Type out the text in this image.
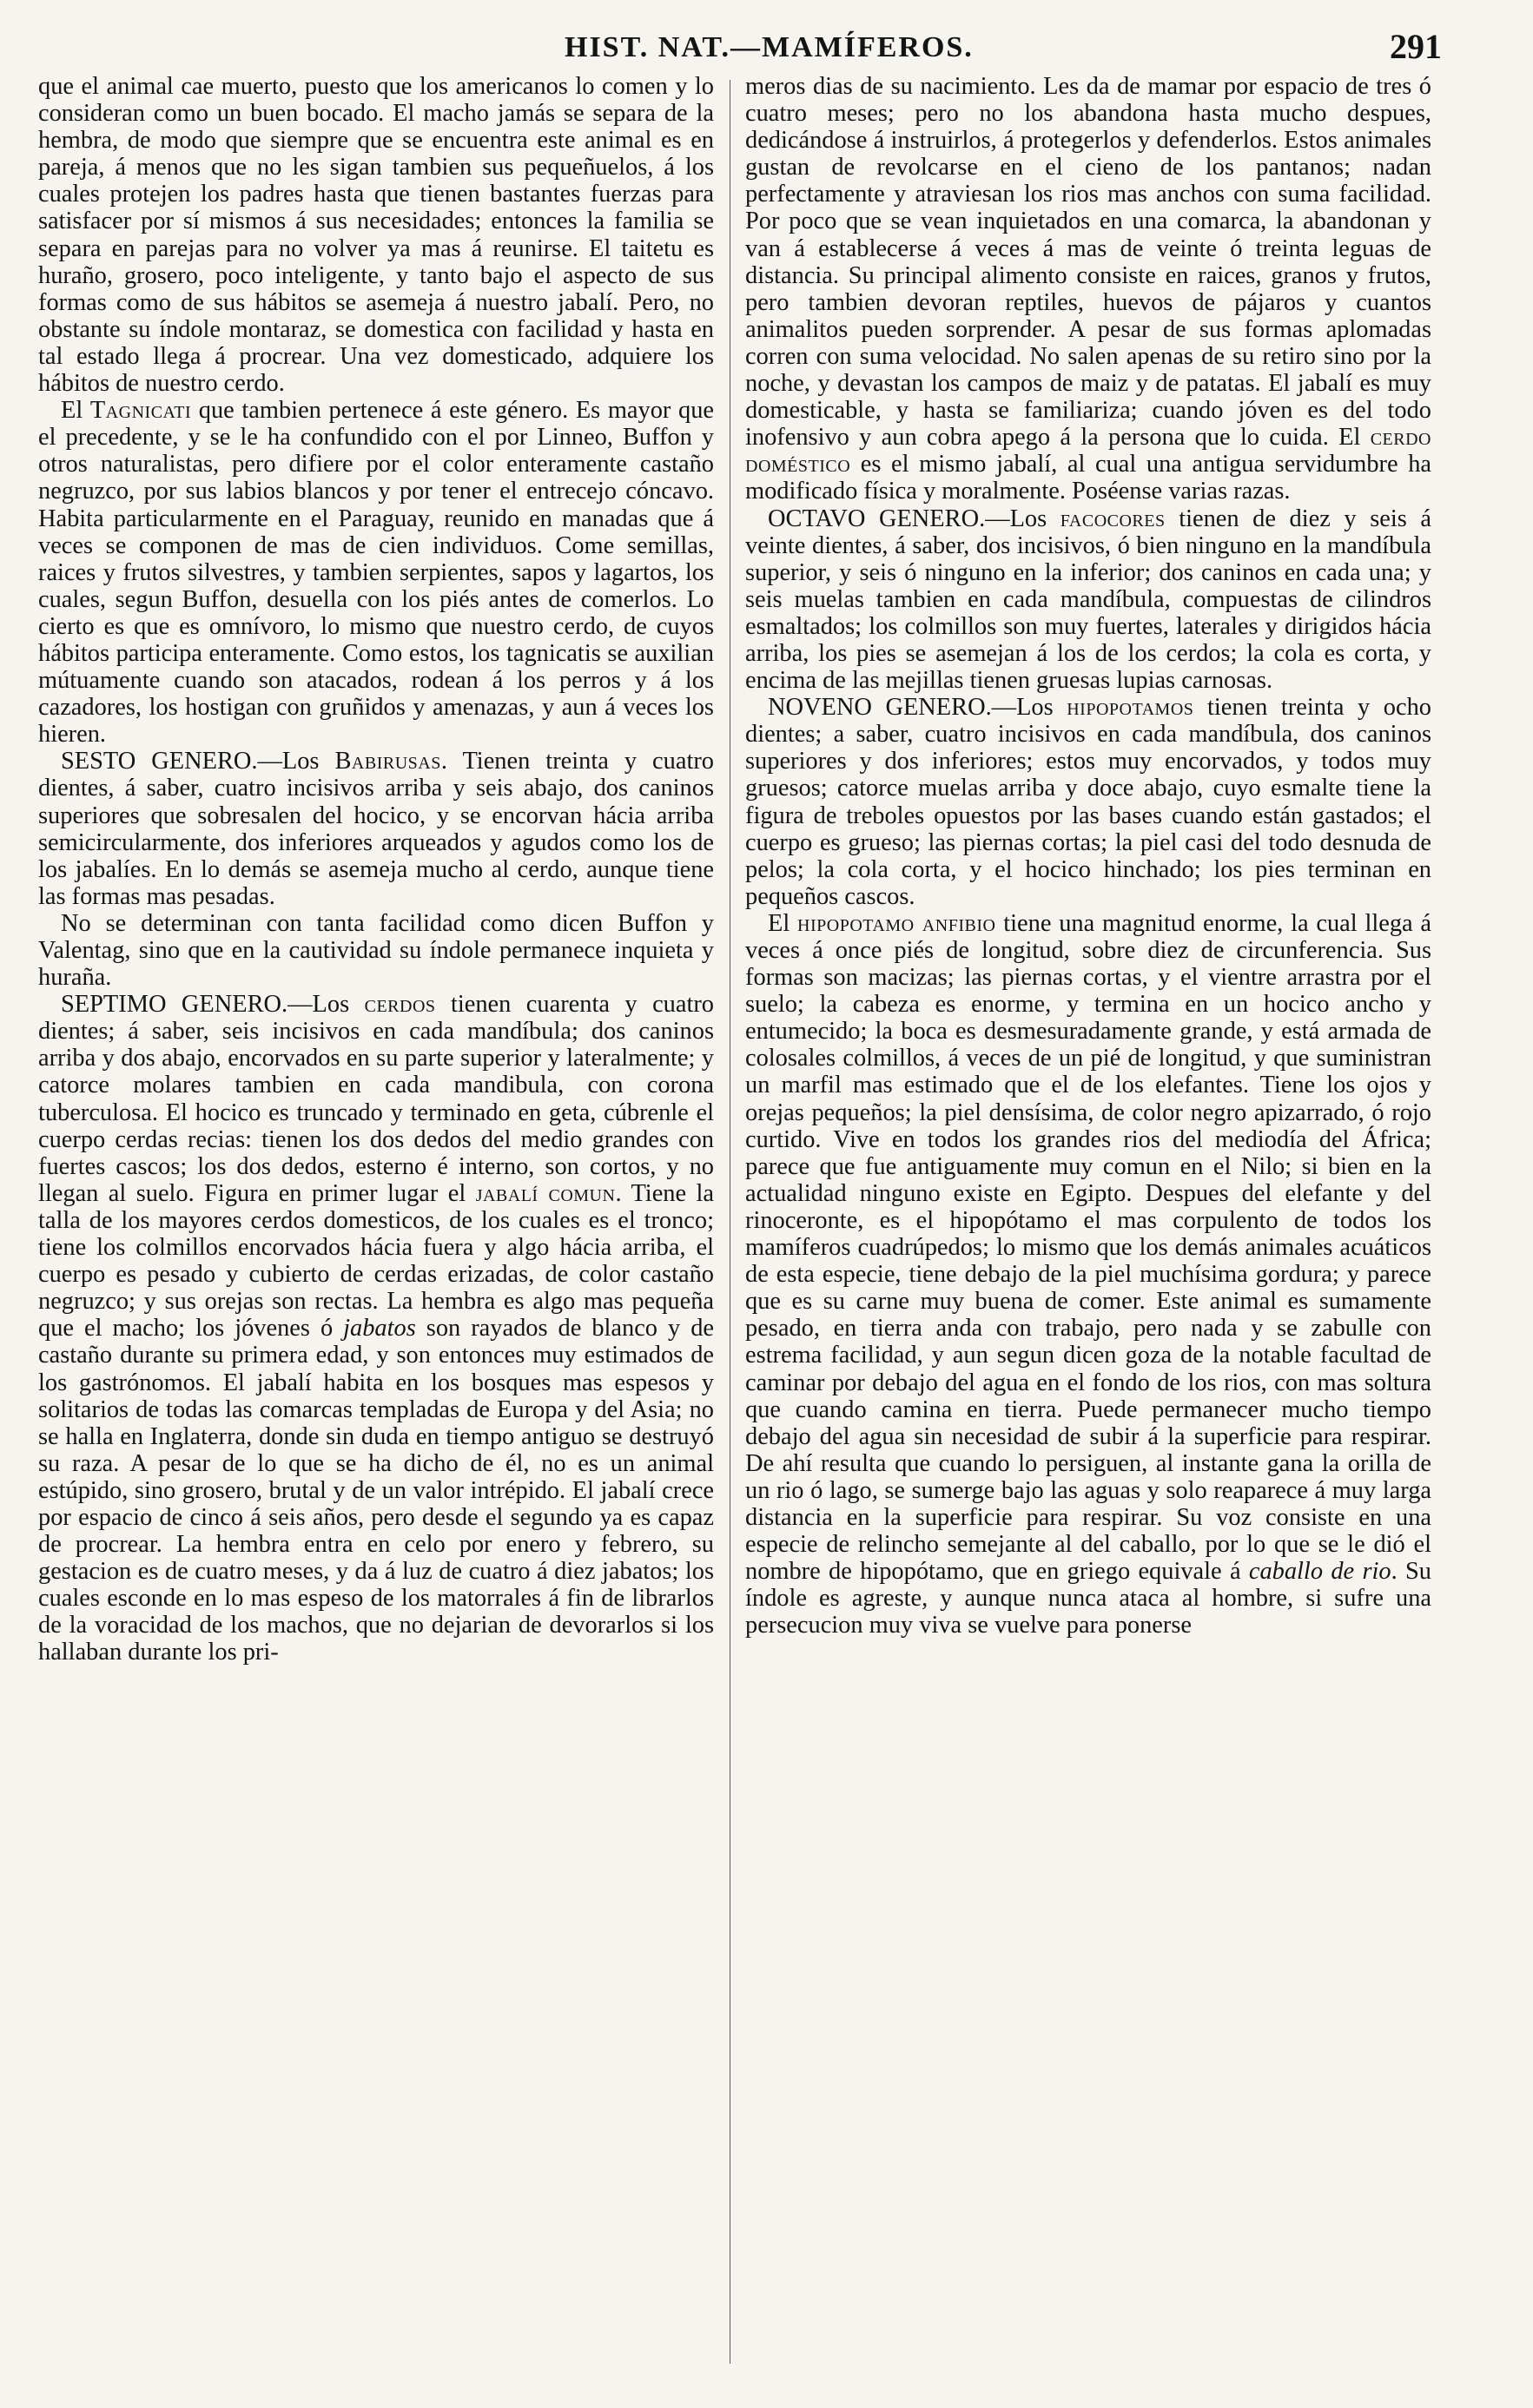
HIST. NAT.—MAMÍFEROS.	291

que el animal cae muerto, puesto que los americanos lo comen y lo consideran como un buen bocado. El macho jamás se separa de la hembra, de modo que siempre que se encuentra este animal es en pareja, á menos que no les sigan tambien sus pequeñuelos, á los cuales protejen los padres hasta que tienen bastantes fuerzas para satisfacer por sí mismos á sus necesidades; entonces la familia se separa en parejas para no volver ya mas á reunirse. El taitetu es huraño, grosero, poco inteligente, y tanto bajo el aspecto de sus formas como de sus hábitos se asemeja á nuestro jabalí. Pero, no obstante su índole montaraz, se domestica con facilidad y hasta en tal estado llega á procrear. Una vez domesticado, adquiere los hábitos de nuestro cerdo.

El Tagnicati que tambien pertenece á este género. Es mayor que el precedente, y se le ha confundido con el por Linneo, Buffon y otros naturalistas, pero difiere por el color enteramente castaño negruzco, por sus labios blancos y por tener el entrecejo cóncavo. Habita particularmente en el Paraguay, reunido en manadas que á veces se componen de mas de cien individuos. Come semillas, raices y frutos silvestres, y tambien serpientes, sapos y lagartos, los cuales, segun Buffon, desuella con los piés antes de comerlos. Lo cierto es que es omnívoro, lo mismo que nuestro cerdo, de cuyos hábitos participa enteramente. Como estos, los tagnicatis se auxilian mútuamente cuando son atacados, rodean á los perros y á los cazadores, los hostigan con gruñidos y amenazas, y aun á veces los hieren.

SESTO GENERO.—Los Babirusas. Tienen treinta y cuatro dientes, á saber, cuatro incisivos arriba y seis abajo, dos caninos superiores que sobresalen del hocico, y se encorvan hácia arriba semicircularmente, dos inferiores arqueados y agudos como los de los jabalíes. En lo demás se asemeja mucho al cerdo, aunque tiene las formas mas pesadas.

No se determinan con tanta facilidad como dicen Buffon y Valentag, sino que en la cautividad su índole permanece inquieta y huraña.

SEPTIMO GENERO.—Los cerdos tienen cuarenta y cuatro dientes; á saber, seis incisivos en cada mandíbula; dos caninos arriba y dos abajo, encorvados en su parte superior y lateralmente; y catorce molares tambien en cada mandibula, con corona tuberculosa. El hocico es truncado y terminado en geta, cúbrenle el cuerpo cerdas recias: tienen los dos dedos del medio grandes con fuertes cascos; los dos dedos, esterno é interno, son cortos, y no llegan al suelo. Figura en primer lugar el jabalí comun. Tiene la talla de los mayores cerdos domesticos, de los cuales es el tronco; tiene los colmillos encorvados hácia fuera y algo hácia arriba, el cuerpo es pesado y cubierto de cerdas erizadas, de color castaño negruzco; y sus orejas son rectas. La hembra es algo mas pequeña que el macho; los jóvenes ó jabatos son rayados de blanco y de castaño durante su primera edad, y son entonces muy estimados de los gastrónomos. El jabalí habita en los bosques mas espesos y solitarios de todas las comarcas templadas de Europa y del Asia; no se halla en Inglaterra, donde sin duda en tiempo antiguo se destruyó su raza. A pesar de lo que se ha dicho de él, no es un animal estúpido, sino grosero, brutal y de un valor intrépido. El jabalí crece por espacio de cinco á seis años, pero desde el segundo ya es capaz de procrear. La hembra entra en celo por enero y febrero, su gestacion es de cuatro meses, y da á luz de cuatro á diez jabatos; los cuales esconde en lo mas espeso de los matorrales á fin de librarlos de la voracidad de los machos, que no dejarian de devorarlos si los hallaban durante los pri-

meros dias de su nacimiento. Les da de mamar por espacio de tres ó cuatro meses; pero no los abandona hasta mucho despues, dedicándose á instruirlos, á protegerlos y defenderlos. Estos animales gustan de revolcarse en el cieno de los pantanos; nadan perfectamente y atraviesan los rios mas anchos con suma facilidad. Por poco que se vean inquietados en una comarca, la abandonan y van á establecerse á veces á mas de veinte ó treinta leguas de distancia. Su principal alimento consiste en raices, granos y frutos, pero tambien devoran reptiles, huevos de pájaros y cuantos animalitos pueden sorprender. A pesar de sus formas aplomadas corren con suma velocidad. No salen apenas de su retiro sino por la noche, y devastan los campos de maiz y de patatas. El jabalí es muy domesticable, y hasta se familiariza; cuando jóven es del todo inofensivo y aun cobra apego á la persona que lo cuida. El cerdo doméstico es el mismo jabalí, al cual una antigua servidumbre ha modificado física y moralmente. Poséense varias razas.

OCTAVO GENERO.—Los facocores tienen de diez y seis á veinte dientes, á saber, dos incisivos, ó bien ninguno en la mandíbula superior, y seis ó ninguno en la inferior; dos caninos en cada una; y seis muelas tambien en cada mandíbula, compuestas de cilindros esmaltados; los colmillos son muy fuertes, laterales y dirigidos hácia arriba, los pies se asemejan á los de los cerdos; la cola es corta, y encima de las mejillas tienen gruesas lupias carnosas.

NOVENO GENERO.—Los hipopotamos tienen treinta y ocho dientes; a saber, cuatro incisivos en cada mandíbula, dos caninos superiores y dos inferiores; estos muy encorvados, y todos muy gruesos; catorce muelas arriba y doce abajo, cuyo esmalte tiene la figura de treboles opuestos por las bases cuando están gastados; el cuerpo es grueso; las piernas cortas; la piel casi del todo desnuda de pelos; la cola corta, y el hocico hinchado; los pies terminan en pequeños cascos.

El hipopotamo anfibio tiene una magnitud enorme, la cual llega á veces á once piés de longitud, sobre diez de circunferencia. Sus formas son macizas; las piernas cortas, y el vientre arrastra por el suelo; la cabeza es enorme, y termina en un hocico ancho y entumecido; la boca es desmesuradamente grande, y está armada de colosales colmillos, á veces de un pié de longitud, y que suministran un marfil mas estimado que el de los elefantes. Tiene los ojos y orejas pequeños; la piel densísima, de color negro apizarrado, ó rojo curtido. Vive en todos los grandes rios del mediodía del África; parece que fue antiguamente muy comun en el Nilo; si bien en la actualidad ninguno existe en Egipto. Despues del elefante y del rinoceronte, es el hipopótamo el mas corpulento de todos los mamíferos cuadrúpedos; lo mismo que los demás animales acuáticos de esta especie, tiene debajo de la piel muchísima gordura; y parece que es su carne muy buena de comer. Este animal es sumamente pesado, en tierra anda con trabajo, pero nada y se zabulle con estrema facilidad, y aun segun dicen goza de la notable facultad de caminar por debajo del agua en el fondo de los rios, con mas soltura que cuando camina en tierra. Puede permanecer mucho tiempo debajo del agua sin necesidad de subir á la superficie para respirar. De ahí resulta que cuando lo persiguen, al instante gana la orilla de un rio ó lago, se sumerge bajo las aguas y solo reaparece á muy larga distancia en la superficie para respirar. Su voz consiste en una especie de relincho semejante al del caballo, por lo que se le dió el nombre de hipopótamo, que en griego equivale á caballo de rio. Su índole es agreste, y aunque nunca ataca al hombre, si sufre una persecucion muy viva se vuelve para ponerse
